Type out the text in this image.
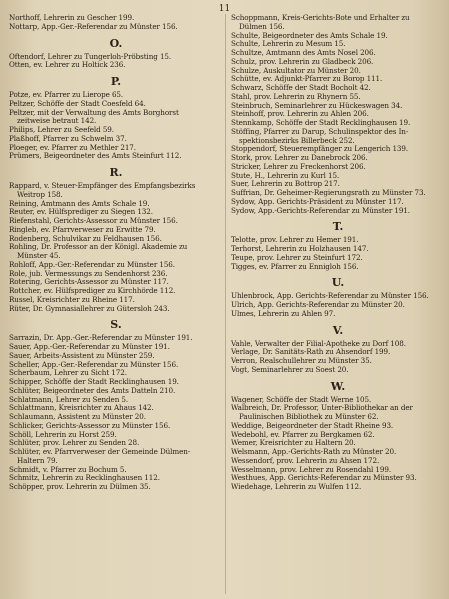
11
Northoff, Lehrerin zu Gescher 199.
Nottarp, App.-Ger.-Referendar zu Münster 156.
O.
Oftendorf, Lehrer zu Tungerloh-Pröbsting 15.
Otten, ev. Lehrer zu Holtick 236.
P.
Potze, ev. Pfarrer zu Lierope 65.
Peltzer, Schöffe der Stadt Coesfeld 64.
Peltzer, mit der Verwaltung des Amts Borghorst
zeitweise betraut 142.
Philips, Lehrer zu Seefeld 59.
Plaßhoff, Pfarrer zu Schwelm 37.
Ploeger, ev. Pfarrer zu Methler 217.
Prümers, Beigeordneter des Amts Steinfurt 112.
R.
Rappard, v. Steuer-Empfänger des Empfangsbezirks
Weitrop 158.
Reining, Amtmann des Amts Schale 19.
Reuter, ev. Hülfsprediger zu Siegen 132.
Riefenstahl, Gerichts-Assessor zu Münster 156.
Ringleb, ev. Pfarrverweser zu Erwitte 79.
Rodenberg, Schulvikar zu Feldhausen 156.
Rohling, Dr. Professor an der Königl. Akademie zu
Münster 45.
Rohloff, App.-Ger.-Referendar zu Münster 156.
Role, jub. Vermessungs zu Sendenhorst 236.
Rotering, Gerichts-Assessor zu Münster 117.
Rottcher, ev. Hülfsprediger zu Kirchhörde 112.
Russel, Kreisrichter zu Rheine 117.
Rüter, Dr. Gymnasiallehrer zu Gütersloh 243.
S.
Sarrazin, Dr. App.-Ger.-Referendar zu Münster 191.
Sauer, App.-Ger.-Referendar zu Münster 191.
Sauer, Arbeits-Assistent zu Münster 259.
Scheller, App.-Ger.-Referendar zu Münster 156.
Scherbaum, Lehrer zu Sicht 172.
Schipper, Schöffe der Stadt Recklinghausen 19.
Schlüter, Beigeordneter des Amts Datteln 210.
Schlatmann, Lehrer zu Senden 5.
Schlattmann, Kreisrichter zu Ahaus 142.
Schlaumann, Assistent zu Münster 20.
Schlicker, Gerichts-Assessor zu Münster 156.
Schöll, Lehrerin zu Horst 259.
Schlüter, prov. Lehrer zu Senden 28.
Schlüter, ev. Pfarrverweser der Gemeinde Dülmen-
Haltern 79.
Schmidt, v. Pfarrer zu Bochum 5.
Schmitz, Lehrerin zu Recklinghausen 112.
Schöpper, prov. Lehrerin zu Dülmen 35.
Schoppmann, Kreis-Gerichts-Bote und Erhalter zu
Dülmen 156.
Schulte, Beigeordneter des Amts Schale 19.
Schulte, Lehrerin zu Mesum 15.
Schultze, Amtmann des Amts Nosel 206.
Schulz, prov. Lehrerin zu Gladbeck 206.
Schulze, Auskultator zu Münster 20.
Schütte, ev. Adjunkt-Pfarrer zu Borop 111.
Schwarz, Schöffe der Stadt Bocholt 42.
Stahl, prov. Lehrerin zu Rhynern 55.
Steinbruch, Seminarlehrer zu Hückeswagen 34.
Steinhoff, prov. Lehrerin zu Ahlen 206.
Stennkamp, Schöffe der Stadt Recklinghausen 19.
Stöffing, Pfarrer zu Darup, Schulinspektor des In-
spektionsbezirks Billerbeck 252.
Stoppendorf, Steuerempfänger zu Lengerich 139.
Stork, prov. Lehrer zu Danebrock 206.
Stricker, Lehrer zu Freckenhorst 206.
Stute, H., Lehrerin zu Kurl 15.
Suer, Lehrerin zu Bottrop 217.
Suffrian, Dr. Geheimer-Regierungsrath zu Münster 73.
Sydow, App. Gerichts-Präsident zu Münster 117.
Sydow, App.-Gerichts-Referendar zu Münster 191.
T.
Telotte, prov. Lehrer zu Hemer 191.
Terhorst, Lehrerin zu Holzhausen 147.
Teupe, prov. Lehrer zu Steinfurt 172.
Tigges, ev. Pfarrer zu Ennigloh 156.
U.
Uhlenbrock, App. Gerichts-Referendar zu Münster 156.
Ulrich, App. Gerichts-Referendar zu Münster 20.
Ulmes, Lehrerin zu Ahlen 97.
V.
Vahle, Verwalter der Filial-Apotheke zu Dorf 108.
Verlage, Dr. Sanitäts-Rath zu Ahsendorf 199.
Verron, Realschullehrer zu Münster 35.
Vogt, Seminarlehrer zu Soest 20.
W.
Wagener, Schöffe der Stadt Werne 105.
Walbreich, Dr. Professor, Unter-Bibliothekar an der
Paulinischen Bibliothek zu Münster 62.
Weddige, Beigeordneter der Stadt Rheine 93.
Wedebohl, ev. Pfarrer zu Bergkamen 62.
Wemer, Kreisrichter zu Haltern 20.
Welsmann, App.-Gerichts-Rath zu Münster 20.
Wessendorf, prov. Lehrerin zu Ahsen 172.
Wesselmann, prov. Lehrer zu Rosendahl 199.
Westhues, App. Gerichts-Referendar zu Münster 93.
Wiedehage, Lehrerin zu Wulfen 112.
